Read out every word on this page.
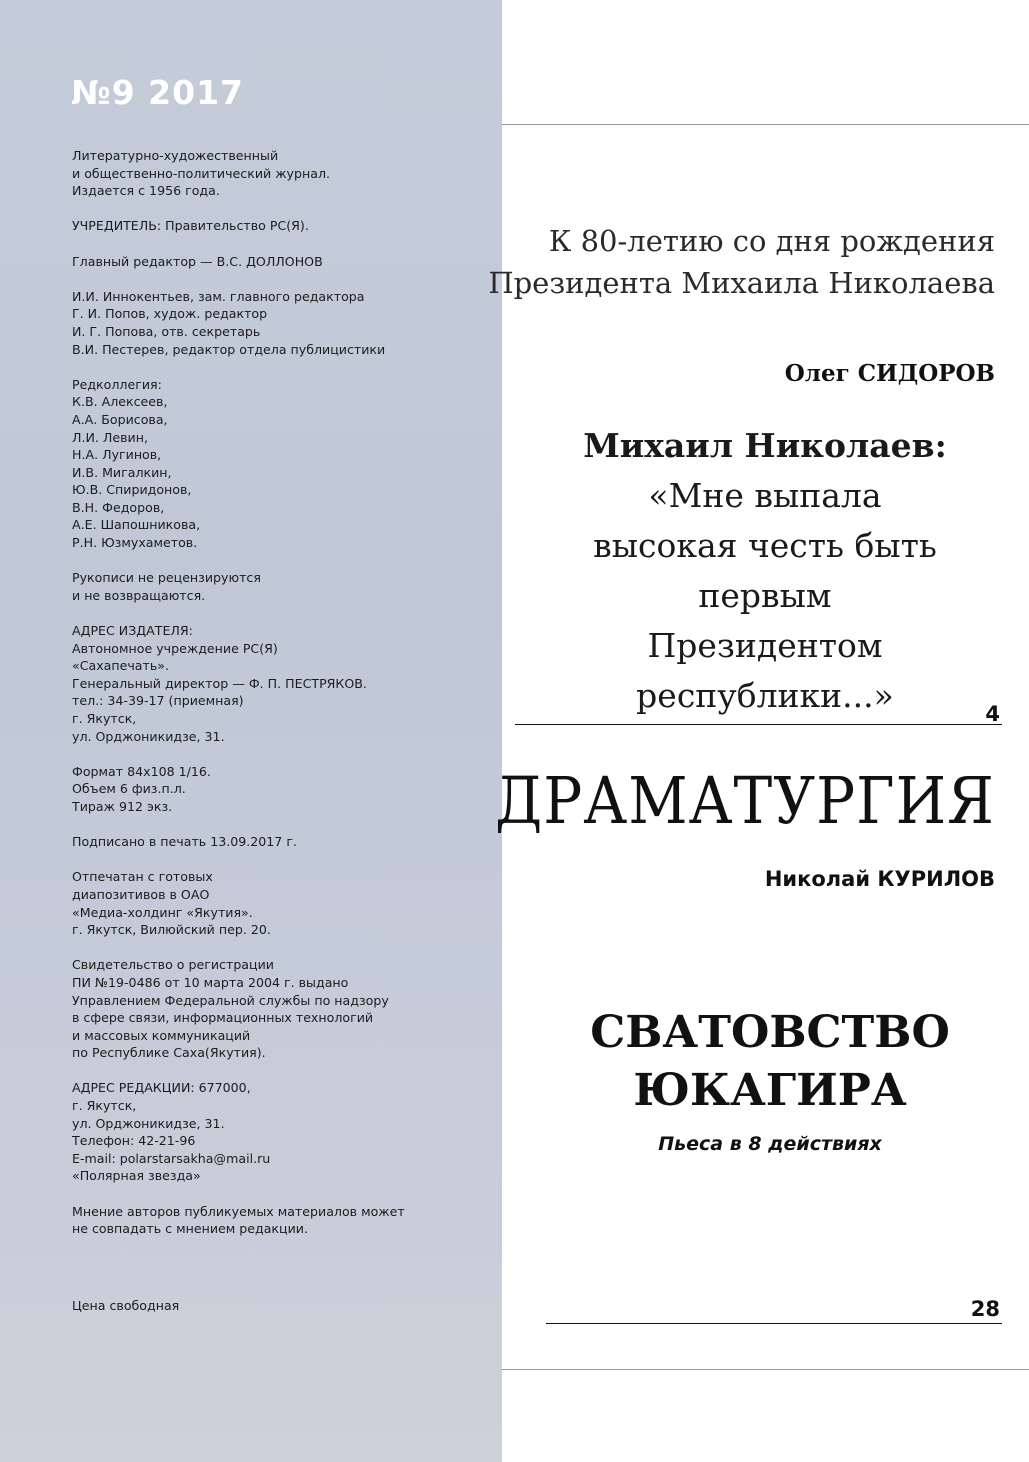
№9 2017
Литературно-художественный
и общественно-политический журнал.
Издается с 1956 года.
УЧРЕДИТЕЛЬ: Правительство РС(Я).
Главный редактор — В.С. ДОЛЛОНОВ
И.И. Иннокентьев, зам. главного редактора
Г. И. Попов, худож. редактор
И. Г. Попова, отв. секретарь
В.И. Пестерев, редактор отдела публицистики
Редколлегия:
К.В. Алексеев,
А.А. Борисова,
Л.И. Левин,
Н.А. Лугинов,
И.В. Мигалкин,
Ю.В. Спиридонов,
В.Н. Федоров,
А.Е. Шапошникова,
Р.Н. Юзмухаметов.
Рукописи не рецензируются
и не возвращаются.
АДРЕС ИЗДАТЕЛЯ:
Автономное учреждение РС(Я)
«Сахапечать».
Генеральный директор — Ф. П. ПЕСТРЯКОВ.
тел.: 34-39-17 (приемная)
г. Якутск,
ул. Орджоникидзе, 31.
Формат 84х108 1/16.
Объем 6 физ.п.л.
Тираж 912 экз.
Подписано в печать 13.09.2017 г.
Отпечатан с готовых
диапозитивов в ОАО
«Медиа-холдинг «Якутия».
г. Якутск, Вилюйский пер. 20.
Свидетельство о регистрации
ПИ №19-0486 от 10 марта 2004 г. выдано
Управлением Федеральной службы по надзору
в сфере связи, информационных технологий
и массовых коммуникаций
по Республике Саха(Якутия).
АДРЕС РЕДАКЦИИ: 677000,
г. Якутск,
ул. Орджоникидзе, 31.
Телефон: 42-21-96
E-mail: polarstarsakha@mail.ru
«Полярная звезда»
Мнение авторов публикуемых материалов может
не совпадать с мнением редакции.
Цена свободная
К 80-летию со дня рождения
Президента Михаила Николаева
Олег СИДОРОВ
Михаил Николаев:
«Мне выпала
высокая честь быть
первым
Президентом
республики...»	4
ДРАМАТУРГИЯ
Николай КУРИЛОВ
СВАТОВСТВО
ЮКАГИРА
Пьеса в 8 действиях
28
